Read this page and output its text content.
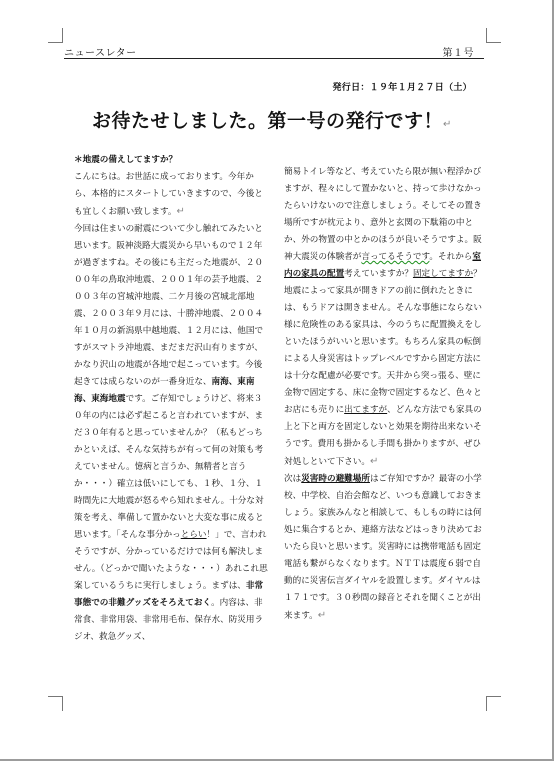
ニュースレター	第１号
発行日：１９年１月２７日（土）
お待たせしました。第一号の発行です！↵

＊地震の備えしてますか？

こんにちは。お世話に成っております。今年から、本格的にスタートしていきますので、今後とも宜しくお願い致します。↵

今回は住まいの耐震について少し触れてみたいと思います。阪神淡路大震災から早いもので１２年が過ぎますね。その後にも主だった地震が、２０００年の鳥取沖地震、２００１年の芸予地震、２００３年の宮城沖地震、二ケ月後の宮城北部地震、２００３年９月には、十勝沖地震、２００４年１０月の新潟県中越地震、１２月には、他国ですがスマトラ沖地震、まだまだ沢山有りますが、かなり沢山の地震が各地で起こっています。今後起きては成らないのが一番身近な、南海、東南海、東海地震です。ご存知でしょうけど、将来３０年の内には必ず起こると言われていますが、まだ３０年有ると思っていませんか？（私もどっちかといえば、そんな気持ちが有って何の対策も考えていません。憶病と言うか、無精者と言うか・・・）確立は低いにしても、１秒、１分、１時間先に大地震が怒るやら知れません。十分な対策を考え、準備して置かないと大変な事に成ると思います。「そんな事分かっとらい！」で、言われそうですが、分かっているだけでは何も解決しません。（どっかで聞いたような・・・）あれこれ思案しているうちに実行しましょう。まずは、非常事態での非難グッズをそろえておく。内容は、非常食、非常用袋、非常用毛布、保存水、防災用ラジオ、救急グッズ、

簡易トイレ等など、考えていたら限が無い程浮かびますが、程々にして置かないと、持って歩けなかったらいけないので注意しましょう。そしてその置き場所ですが枕元より、意外と玄関の下駄箱の中とか、外の物置の中とかのほうが良いそうですよ。阪神大震災の体験者が言ってるそうです。それから室内の家具の配置考えていますか？固定してますか？地震によって家具が開きドアの前に倒れたときには、もうドアは開きません。そんな事態にならない様に危険性のある家具は、今のうちに配置換えをしといたほうがいいと思います。もちろん家具の転倒による人身災害はトップレベルですから固定方法には十分な配慮が必要です。天井から突っ張る、壁に金物で固定する、床に金物で固定するなど、色々とお店にも売りに出てますが、どんな方法でも家具の上と下と両方を固定しないと効果を期待出来ないそうです。費用も掛かるし手間も掛かりますが、ぜひ対処しといて下さい。↵

次は災害時の避難場所はご存知ですか？最寄の小学校、中学校、自治会館など、いつも意識しておきましょう。家族みんなと相談して、もしもの時には何処に集合するとか、連絡方法などはっきり決めておいたら良いと思います。災害時には携帯電話も固定電話も繋がらなくなります。ＮＴＴは震度６弱で自動的に災害伝言ダイヤルを設置します。ダイヤルは１７１です。３０秒間の録音とそれを聞くことが出来ます。↵
